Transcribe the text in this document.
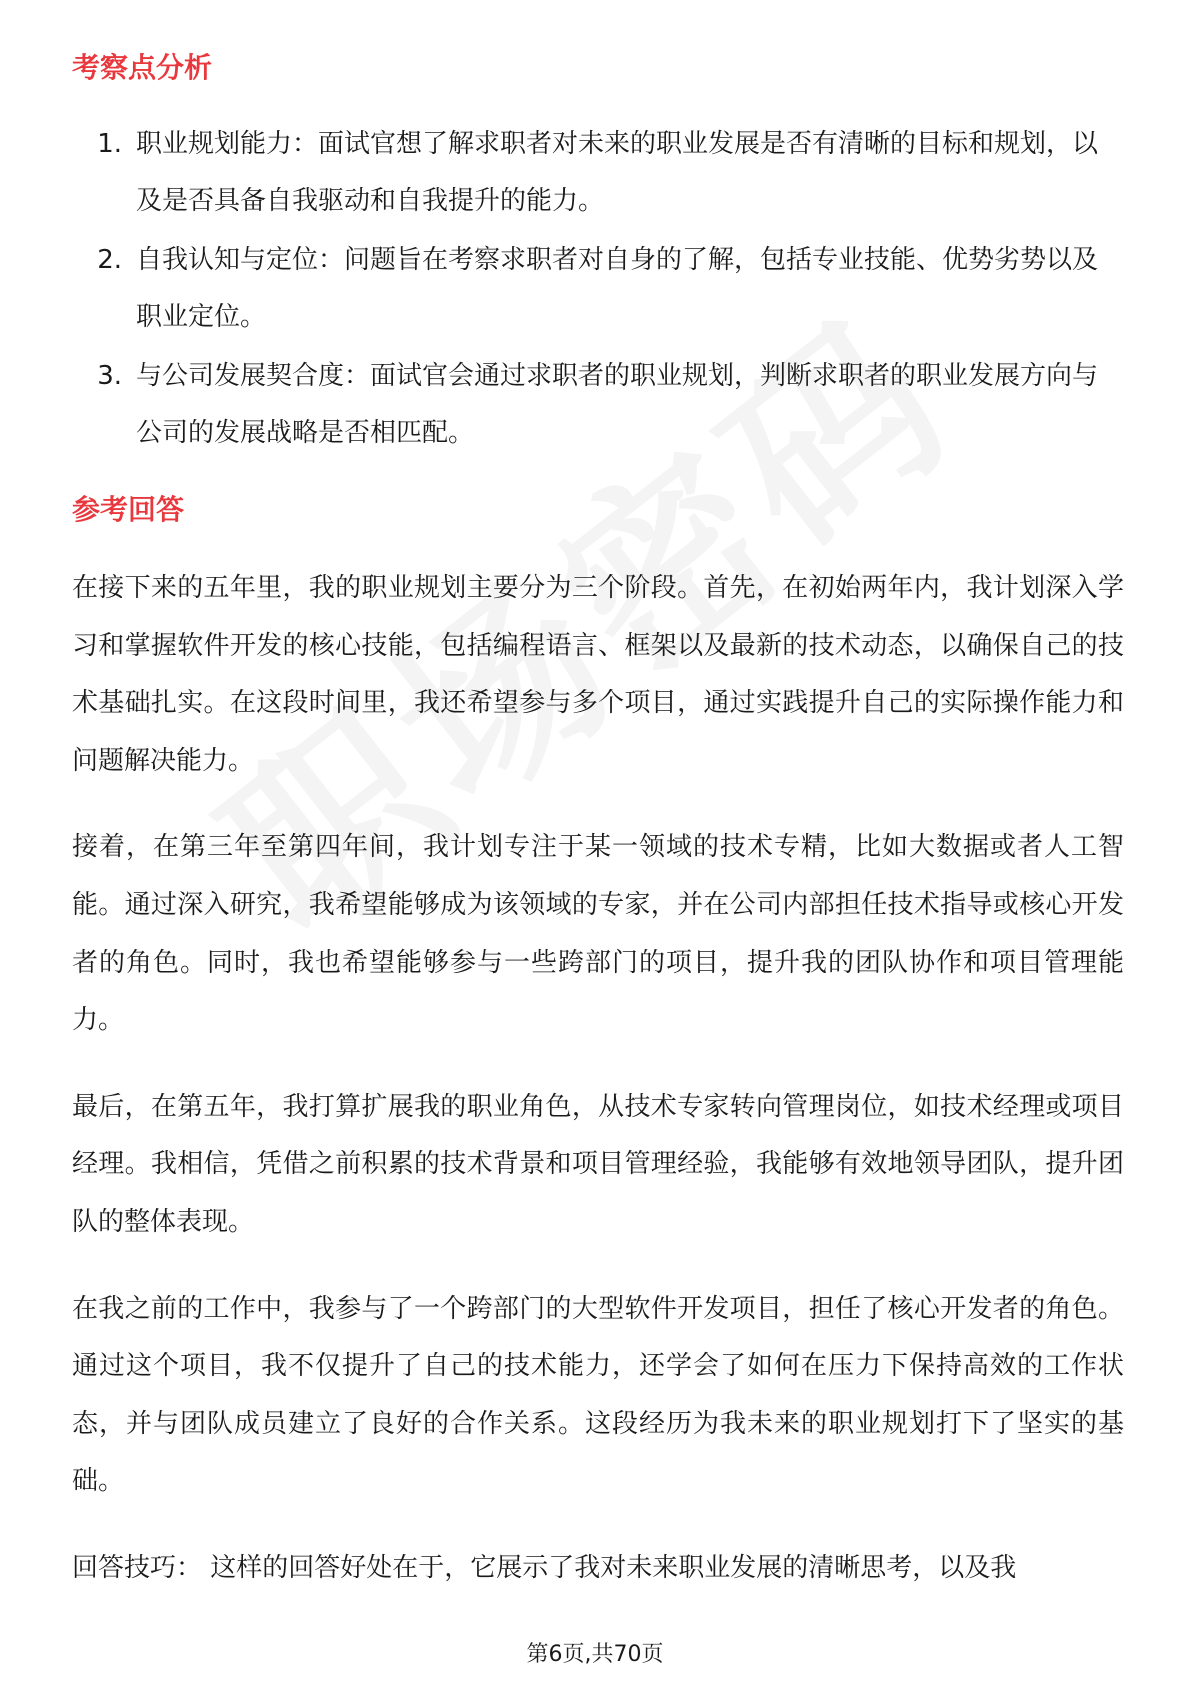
考察点分析
1. 职业规划能力：面试官想了解求职者对未来的职业发展是否有清晰的目标和规划，以及是否具备自我驱动和自我提升的能力。
2. 自我认知与定位：问题旨在考察求职者对自身的了解，包括专业技能、优势劣势以及职业定位。
3. 与公司发展契合度：面试官会通过求职者的职业规划，判断求职者的职业发展方向与公司的发展战略是否相匹配。
参考回答

在接下来的五年里，我的职业规划主要分为三个阶段。首先，在初始两年内，我计划深入学习和掌握软件开发的核心技能，包括编程语言、框架以及最新的技术动态，以确保自己的技术基础扎实。在这段时间里，我还希望参与多个项目，通过实践提升自己的实际操作能力和问题解决能力。

接着，在第三年至第四年间，我计划专注于某一领域的技术专精，比如大数据或者人工智能。通过深入研究，我希望能够成为该领域的专家，并在公司内部担任技术指导或核心开发者的角色。同时，我也希望能够参与一些跨部门的项目，提升我的团队协作和项目管理能力。

最后，在第五年，我打算扩展我的职业角色，从技术专家转向管理岗位，如技术经理或项目经理。我相信，凭借之前积累的技术背景和项目管理经验，我能够有效地领导团队，提升团队的整体表现。

在我之前的工作中，我参与了一个跨部门的大型软件开发项目，担任了核心开发者的角色。通过这个项目，我不仅提升了自己的技术能力，还学会了如何在压力下保持高效的工作状态，并与团队成员建立了良好的合作关系。这段经历为我未来的职业规划打下了坚实的基础。

回答技巧： 这样的回答好处在于，它展示了我对未来职业发展的清晰思考，以及我

第6页,共70页
